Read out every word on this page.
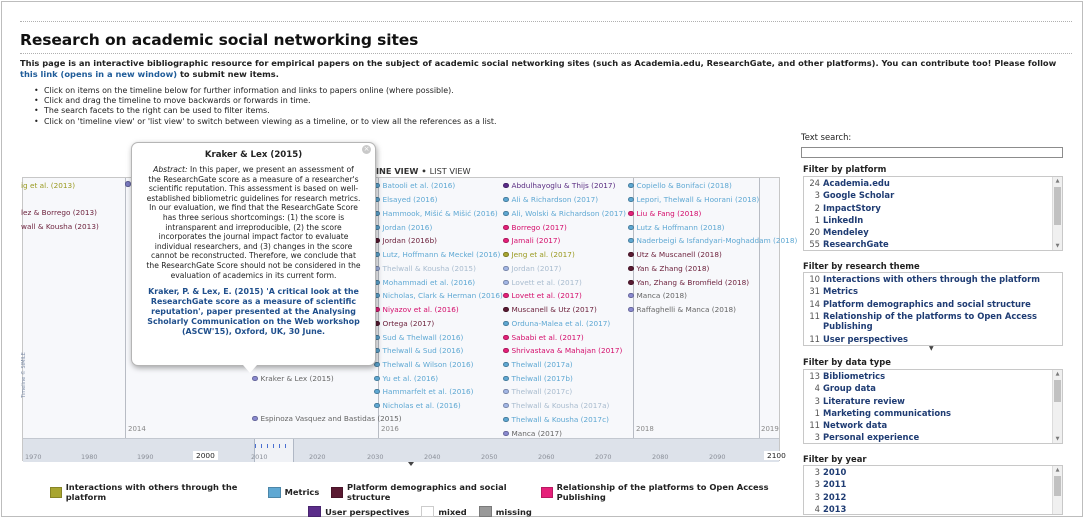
Research on academic social networking sites
This page is an interactive bibliographic resource for empirical papers on the subject of academic social networking sites (such as Academia.edu, ResearchGate, and other platforms). You can contribute too! Please follow this link (opens in a new window) to submit new items.
• Click on items on the timeline below for further information and links to papers online (where possible).
• Click and drag the timeline to move backwards or forwards in time.
• The search facets to the right can be used to filter items.
• Click on 'timeline view' or 'list view' to switch between viewing as a timeline, or to view all the references as a list.
INE VIEW • LIST VIEW
2014	2016	2018	2019
Timeline © SIMILE
ig et al. (2013)
lez & Borrego (2013)
wall & Kousha (2013)
Batooli et al. (2016)
Elsayed (2016)
Hammook, Mišić & Mišić (2016)
Jordan (2016)
Jordan (2016b)
Lutz, Hoffmann & Meckel (2016)
Thelwall & Kousha (2015)
Mohammadi et al. (2016)
Nicholas, Clark & Herman (2016)
Niyazov et al. (2016)
Ortega (2017)
Sud & Thelwall (2016)
Thelwall & Sud (2016)
Thelwall & Wilson (2016)
Yu et al. (2016)
Hammarfelt et al. (2016)
Nicholas et al. (2016)
Abdulhayoglu & Thijs (2017)
Ali & Richardson (2017)
Ali, Wolski & Richardson (2017)
Borrego (2017)
Jamali (2017)
Jeng et al. (2017)
Jordan (2017)
Lovett et al. (2017)
Lovett et al. (2017)
Muscanell & Utz (2017)
Orduna-Malea et al. (2017)
Sababi et al. (2017)
Shrivastava & Mahajan (2017)
Thelwall (2017a)
Thelwall (2017b)
Thelwall (2017c)
Thelwall & Kousha (2017a)
Thelwall & Kousha (2017c)
Manca (2017)
Copiello & Bonifaci (2018)
Lepori, Thelwall & Hoorani (2018)
Liu & Fang (2018)
Lutz & Hoffmann (2018)
Naderbeigi & Isfandyari-Moghaddam (2018)
Utz & Muscanell (2018)
Yan & Zhang (2018)
Yan, Zhang & Bromfield (2018)
Manca (2018)
Raffaghelli & Manca (2018)
Kraker & Lex (2015)
Espinoza Vasquez and Bastidas (2015)
1970	1980	1990	2000	2010	2020	2030	2040	2050	2060	2070	2080	2090	2100
×
Kraker & Lex (2015)
Abstract: In this paper, we present an assessment of the ResearchGate score as a measure of a researcher's scientific reputation. This assessment is based on well-established bibliometric guidelines for research metrics. In our evaluation, we find that the ResearchGate Score has three serious shortcomings: (1) the score is intransparent and irreproducible, (2) the score incorporates the journal impact factor to evaluate individual researchers, and (3) changes in the score cannot be reconstructed. Therefore, we conclude that the ResearchGate Score should not be considered in the evaluation of academics in its current form.
Kraker, P. & Lex, E. (2015) 'A critical look at the ResearchGate score as a measure of scientific reputation', paper presented at the Analysing Scholarly Communication on the Web workshop (ASCW'15), Oxford, UK, 30 June.
Interactions with others through the platform	Metrics	Platform demographics and social structure
Relationship of the platforms to Open Access Publishing
User perspectives	mixed	missing
Text search:
Filter by platform
24 Academia.edu
3 Google Scholar
2 ImpactStory
1 LinkedIn
20 Mendeley
55 ResearchGate
▲
▼
Filter by research theme
10 Interactions with others through the platform
31 Metrics
14 Platform demographics and social structure
11 Relationship of the platforms to Open Access Publishing
11 User perspectives
▼
Filter by data type
13 Bibliometrics
4 Group data
3 Literature review
1 Marketing communications
11 Network data
3 Personal experience
▲
▼
Filter by year
3 2010
3 2011
3 2012
4 2013
▲
